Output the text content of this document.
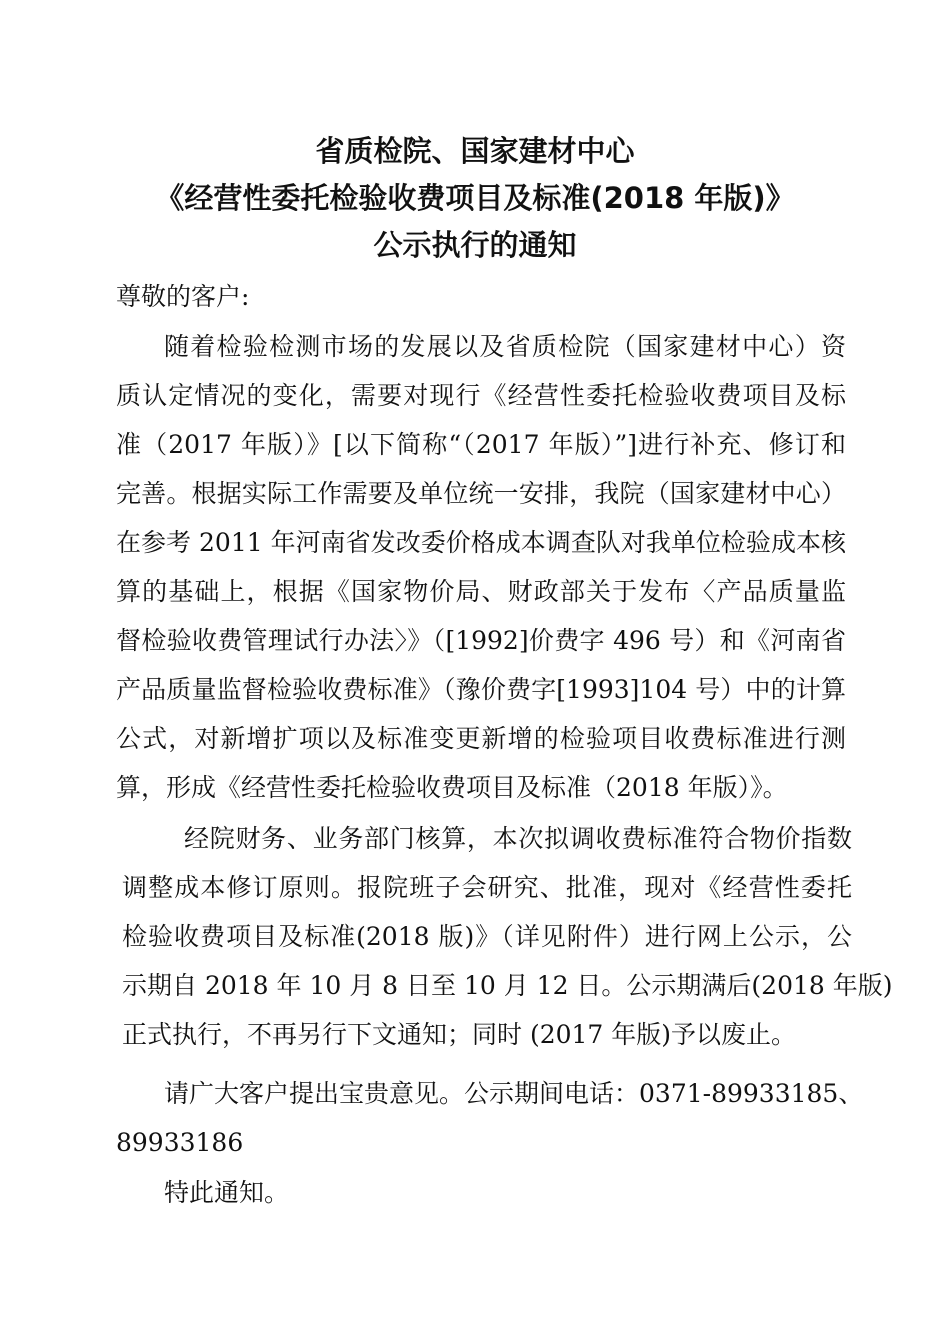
省质检院、国家建材中心
《经营性委托检验收费项目及标准(2018 年版)》
公示执行的通知
尊敬的客户:
随着检验检测市场的发展以及省质检院（国家建材中心）资
质认定情况的变化，需要对现行《经营性委托检验收费项目及标
准（2017 年版）》[以下简称“（2017 年版）”]进行补充、修订和
完善。根据实际工作需要及单位统一安排，我院（国家建材中心）
在参考 2011 年河南省发改委价格成本调查队对我单位检验成本核
算的基础上，根据《国家物价局、财政部关于发布〈产品质量监
督检验收费管理试行办法〉》（[1992]价费字 496 号）和《河南省
产品质量监督检验收费标准》（豫价费字[1993]104 号）中的计算
公式，对新增扩项以及标准变更新增的检验项目收费标准进行测
算，形成《经营性委托检验收费项目及标准（2018 年版）》。
经院财务、业务部门核算，本次拟调收费标准符合物价指数
调整成本修订原则。报院班子会研究、批准，现对《经营性委托
检验收费项目及标准(2018 版)》（详见附件）进行网上公示，公
示期自 2018 年 10 月 8 日至 10 月 12 日。公示期满后(2018 年版)
正式执行，不再另行下文通知；同时 (2017 年版)予以废止。
请广大客户提出宝贵意见。公示期间电话：0371-89933185、
89933186
特此通知。
